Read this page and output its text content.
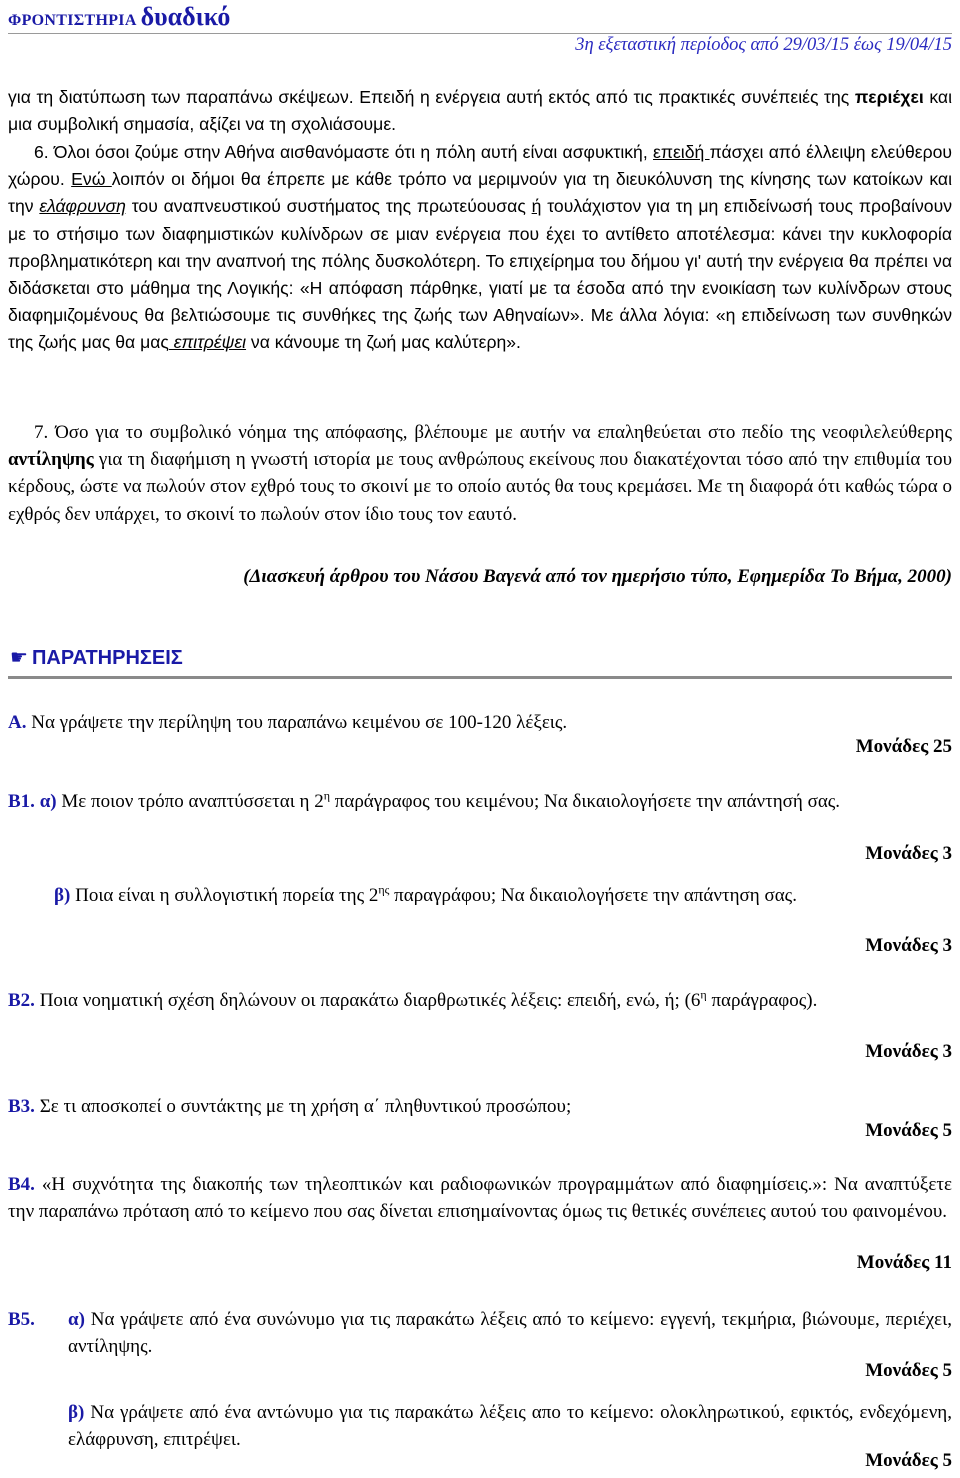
ΦΡΟΝΤΙΣΤΗΡΙΑ δυαδικό
3η εξεταστική περίοδος από 29/03/15 έως 19/04/15
για τη διατύπωση των παραπάνω σκέψεων. Επειδή η ενέργεια αυτή εκτός από τις πρακτικές συνέπειές της περιέχει και μια συμβολική σημασία, αξίζει να τη σχολιάσουμε.
6. Όλοι όσοι ζούμε στην Αθήνα αισθανόμαστε ότι η πόλη αυτή είναι ασφυκτική, επειδή πάσχει από έλλειψη ελεύθερου χώρου. Ενώ λοιπόν οι δήμοι θα έπρεπε με κάθε τρόπο να μεριμνούν για τη διευκόλυνση της κίνησης των κατοίκων και την ελάφρυνση του αναπνευστικού συστήματος της πρωτεύουσας ή τουλάχιστον για τη μη επιδείνωσή τους προβαίνουν με το στήσιμο των διαφημιστικών κυλίνδρων σε μιαν ενέργεια που έχει το αντίθετο αποτέλεσμα: κάνει την κυκλοφορία προβληματικότερη και την αναπνοή της πόλης δυσκολότερη. Το επιχείρημα του δήμου γι' αυτή την ενέργεια θα πρέπει να διδάσκεται στο μάθημα της Λογικής: «Η απόφαση πάρθηκε, γιατί με τα έσοδα από την ενοικίαση των κυλίνδρων στους διαφημιζομένους θα βελτιώσουμε τις συνθήκες της ζωής των Αθηναίων». Με άλλα λόγια: «η επιδείνωση των συνθηκών της ζωής μας θα μας επιτρέψει να κάνουμε τη ζωή μας καλύτερη».
7. Όσο για το συμβολικό νόημα της απόφασης, βλέπουμε με αυτήν να επαληθεύεται στο πεδίο της νεοφιλελεύθερης αντίληψης για τη διαφήμιση η γνωστή ιστορία με τους ανθρώπους εκείνους που διακατέχονται τόσο από την επιθυμία του κέρδους, ώστε να πωλούν στον εχθρό τους το σκοινί με το οποίο αυτός θα τους κρεμάσει. Με τη διαφορά ότι καθώς τώρα ο εχθρός δεν υπάρχει, το σκοινί το πωλούν στον ίδιο τους τον εαυτό.
(Διασκευή άρθρου του Νάσου Βαγενά από τον ημερήσιο τύπο, Εφημερίδα Το Βήμα, 2000)
☛ ΠΑΡΑΤΗΡΗΣΕΙΣ
Α. Να γράψετε την περίληψη του παραπάνω κειμένου σε 100-120 λέξεις.
Μονάδες 25
Β1. α) Με ποιον τρόπο αναπτύσσεται η $2^\eta$ παράγραφος του κειμένου; Να δικαιολογήσετε την απάντησή σας.
Μονάδες 3
β) Ποια είναι η συλλογιστική πορεία της $2^{\eta\varsigma}$ παραγράφου; Να δικαιολογήσετε την απάντηση σας.
Μονάδες 3
Β2. Ποια νοηματική σχέση δηλώνουν οι παρακάτω διαρθρωτικές λέξεις: επειδή, ενώ, ή; ($6^\eta$ παράγραφος).
Μονάδες 3
Β3. Σε τι αποσκοπεί ο συντάκτης με τη χρήση α΄ πληθυντικού προσώπου;
Μονάδες 5
Β4. «Η συχνότητα της διακοπής των τηλεοπτικών και ραδιοφωνικών προγραμμάτων από διαφημίσεις.»: Να αναπτύξετε την παραπάνω πρόταση από το κείμενο που σας δίνεται επισημαίνοντας όμως τις θετικές συνέπειες αυτού του φαινομένου.
Μονάδες 11
Β5.	α) Να γράψετε από ένα συνώνυμο για τις παρακάτω λέξεις από το κείμενο: εγγενή, τεκμήρια, βιώνουμε, περιέχει, αντίληψης.
Μονάδες 5
β) Να γράψετε από ένα αντώνυμο για τις παρακάτω λέξεις απο το κείμενο: ολοκληρωτικού, εφικτός, ενδεχόμενη, ελάφρυνση, επιτρέψει.
Μονάδες 5
